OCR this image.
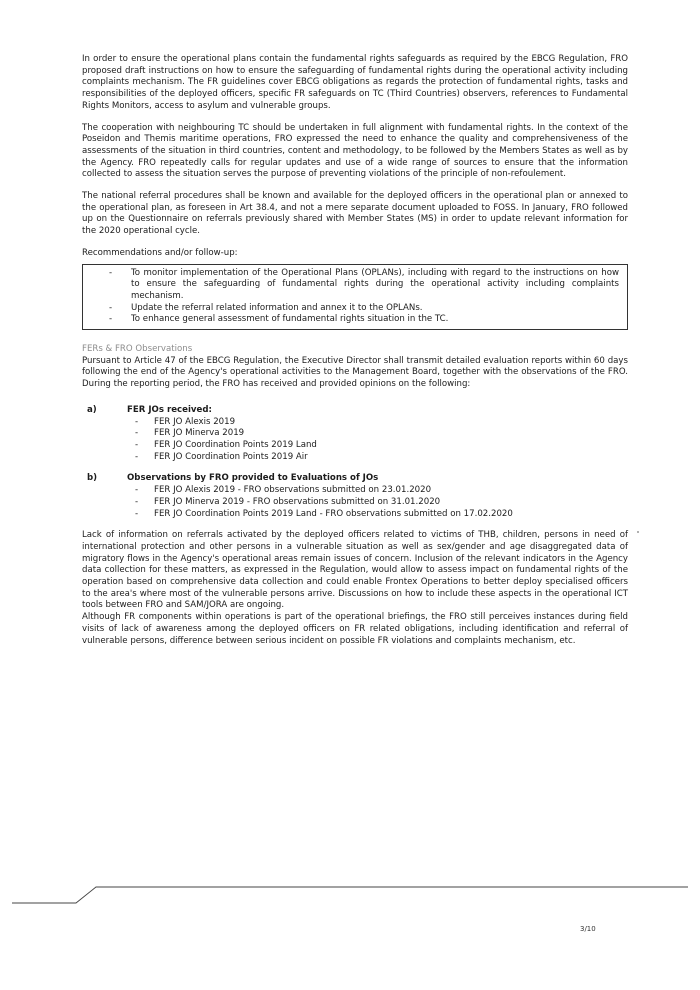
In order to ensure the operational plans contain the fundamental rights safeguards as required by the EBCG Regulation, FRO proposed draft instructions on how to ensure the safeguarding of fundamental rights during the operational activity including complaints mechanism. The FR guidelines cover EBCG obligations as regards the protection of fundamental rights, tasks and responsibilities of the deployed officers, specific FR safeguards on TC (Third Countries) observers, references to Fundamental Rights Monitors, access to asylum and vulnerable groups.

The cooperation with neighbouring TC should be undertaken in full alignment with fundamental rights. In the context of the Poseidon and Themis maritime operations, FRO expressed the need to enhance the quality and comprehensiveness of the assessments of the situation in third countries, content and methodology, to be followed by the Members States as well as by the Agency. FRO repeatedly calls for regular updates and use of a wide range of sources to ensure that the information collected to assess the situation serves the purpose of preventing violations of the principle of non-refoulement.

The national referral procedures shall be known and available for the deployed officers in the operational plan or annexed to the operational plan, as foreseen in Art 38.4, and not a mere separate document uploaded to FOSS. In January, FRO followed up on the Questionnaire on referrals previously shared with Member States (MS) in order to update relevant information for the 2020 operational cycle.

Recommendations and/or follow-up:

- To monitor implementation of the Operational Plans (OPLANs), including with regard to the instructions on how to ensure the safeguarding of fundamental rights during the operational activity including complaints mechanism.
- Update the referral related information and annex it to the OPLANs.
- To enhance general assessment of fundamental rights situation in the TC.
FERs & FRO Observations

Pursuant to Article 47 of the EBCG Regulation, the Executive Director shall transmit detailed evaluation reports within 60 days following the end of the Agency's operational activities to the Management Board, together with the observations of the FRO. During the reporting period, the FRO has received and provided opinions on the following:

a)	FER JOs received:
- FER JO Alexis 2019
- FER JO Minerva 2019
- FER JO Coordination Points 2019 Land
- FER JO Coordination Points 2019 Air
b)	Observations by FRO provided to Evaluations of JOs
- FER JO Alexis 2019 - FRO observations submitted on 23.01.2020
- FER JO Minerva 2019 - FRO observations submitted on 31.01.2020
- FER JO Coordination Points 2019 Land - FRO observations submitted on 17.02.2020

Lack of information on referrals activated by the deployed officers related to victims of THB, children, persons in need of international protection and other persons in a vulnerable situation as well as sex/gender and age disaggregated data of migratory flows in the Agency's operational areas remain issues of concern. Inclusion of the relevant indicators in the Agency data collection for these matters, as expressed in the Regulation, would allow to assess impact on fundamental rights of the operation based on comprehensive data collection and could enable Frontex Operations to better deploy specialised officers to the area's where most of the vulnerable persons arrive. Discussions on how to include these aspects in the operational ICT tools between FRO and SAM/JORA are ongoing.

Although FR components within operations is part of the operational briefings, the FRO still perceives instances during field visits of lack of awareness among the deployed officers on FR related obligations, including identification and referral of vulnerable persons, difference between serious incident on possible FR violations and complaints mechanism, etc.

3/10
